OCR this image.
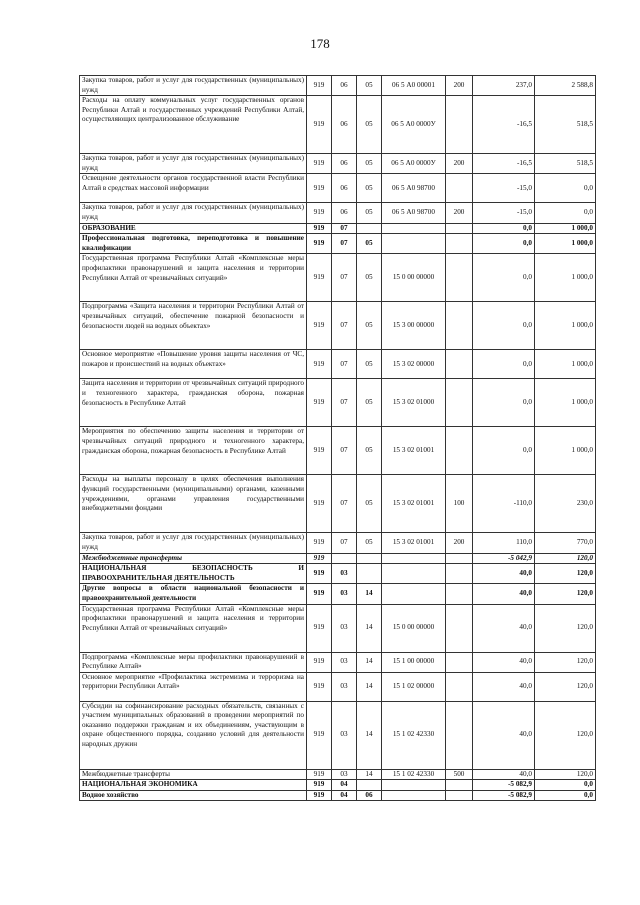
178
Закупка товаров, работ и услуг для государственных (муниципальных) нужд	919	06	05	06 5 А0 00001	200	237,0	2 588,8
Расходы на оплату коммунальных услуг государственных органов Республики Алтай и государственных учреждений Республики Алтай, осуществляющих централизованное обслуживание	919	06	05	06 5 А0 0000У		-16,5	518,5
Закупка товаров, работ и услуг для государственных (муниципальных) нужд	919	06	05	06 5 А0 0000У	200	-16,5	518,5
Освещение деятельности органов государственной власти Республики Алтай в средствах массовой информации	919	06	05	06 5 А0 98700		-15,0	0,0
Закупка товаров, работ и услуг для государственных (муниципальных) нужд	919	06	05	06 5 А0 98700	200	-15,0	0,0
ОБРАЗОВАНИЕ	919	07				0,0	1 000,0
Профессиональная подготовка, переподготовка и повышение квалификации	919	07	05			0,0	1 000,0
Государственная программа Республики Алтай «Комплексные меры профилактики правонарушений и защита населения и территории Республики Алтай от чрезвычайных ситуаций»	919	07	05	15 0 00 00000		0,0	1 000,0
Подпрограмма «Защита населения и территории Республики Алтай от чрезвычайных ситуаций, обеспечение пожарной безопасности и безопасности людей на водных объектах»	919	07	05	15 3 00 00000		0,0	1 000,0
Основное мероприятие «Повышение уровня защиты населения от ЧС, пожаров и происшествий на водных объектах»	919	07	05	15 3 02 00000		0,0	1 000,0
Защита населения и территории от чрезвычайных ситуаций природного и техногенного характера, гражданская оборона, пожарная безопасность в Республике Алтай	919	07	05	15 3 02 01000		0,0	1 000,0
Мероприятия по обеспечению защиты населения и территории от чрезвычайных ситуаций природного и техногенного характера, гражданская оборона, пожарная безопасность в Республике Алтай	919	07	05	15 3 02 01001		0,0	1 000,0
Расходы на выплаты персоналу в целях обеспечения выполнения функций государственными (муниципальными) органами, казенными учреждениями, органами управления государственными внебюджетными фондами	919	07	05	15 3 02 01001	100	-110,0	230,0
Закупка товаров, работ и услуг для государственных (муниципальных) нужд	919	07	05	15 3 02 01001	200	110,0	770,0
Межбюджетные трансферты	919					-5 042,9	120,0
НАЦИОНАЛЬНАЯ БЕЗОПАСНОСТЬ И ПРАВООХРАНИТЕЛЬНАЯ ДЕЯТЕЛЬНОСТЬ	919	03				40,0	120,0
Другие вопросы в области национальной безопасности и правоохранительной деятельности	919	03	14			40,0	120,0
Государственная программа Республики Алтай «Комплексные меры профилактики правонарушений и защита населения и территории Республики Алтай от чрезвычайных ситуаций»	919	03	14	15 0 00 00000		40,0	120,0
Подпрограмма «Комплексные меры профилактики правонарушений в Республике Алтай»	919	03	14	15 1 00 00000		40,0	120,0
Основное мероприятие «Профилактика экстремизма и терроризма на территории Республики Алтай»	919	03	14	15 1 02 00000		40,0	120,0
Субсидии на софинансирование расходных обязательств, связанных с участием муниципальных образований в проведении мероприятий по оказанию поддержки гражданам и их объединениям, участвующим в охране общественного порядка, созданию условий для деятельности народных дружин	919	03	14	15 1 02 42330		40,0	120,0
Межбюджетные трансферты	919	03	14	15 1 02 42330	500	40,0	120,0
НАЦИОНАЛЬНАЯ ЭКОНОМИКА	919	04				-5 082,9	0,0
Водное хозяйство	919	04	06			-5 082,9	0,0
